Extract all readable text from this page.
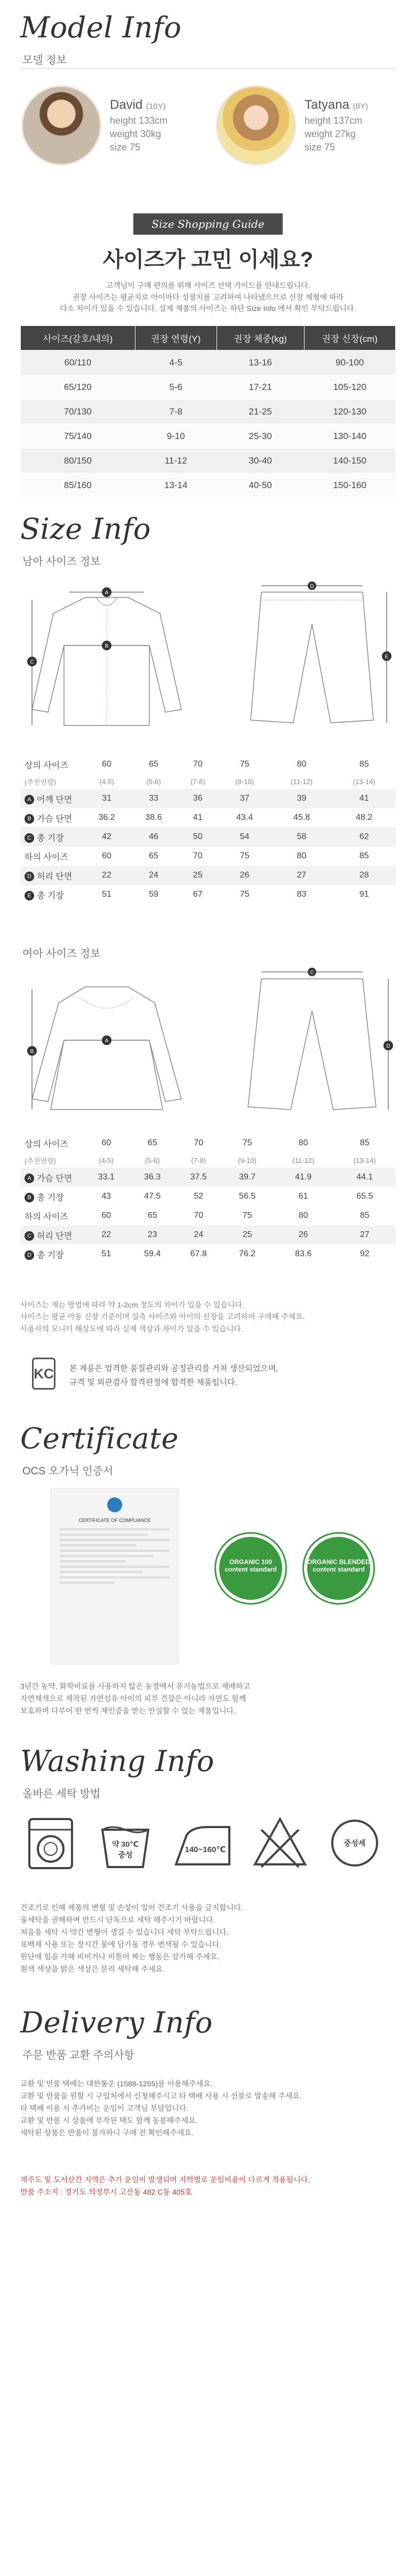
Model Info
모델 정보
David (10Y)
height 133cm
weight 30kg
size 75
Tatyana (8Y)
height 137cm
weight 27kg
size 75
Size Shopping Guide
사이즈가 고민 이세요?
고객님이 구매 편의를 위해 사이즈 선택 가이드를 안내드립니다.
권장 사이즈는 평균치로 아이마다 성장치를 고려하여 나타냈으므로 신장 체형에 따라
다소 차이가 있을 수 있습니다. 실제 제품의 사이즈는 하단 Size Info 에서 확인 부탁드립니다.
사이즈(갈호/내의)	권장 연령(Y)	권장 체중(kg)	권장 신장(cm)
60/110	4-5	13-16	90-100
65/120	5-6	17-21	105-120
70/130	7-8	21-25	120-130
75/140	9-10	25-30	130-140
80/150	11-12	30-40	140-150
85/160	13-14	40-50	150-160
Size Info
남아 사이즈 정보
A
B
C
D
E
상의 사이즈	60	65	70	75	80	85
(추천연령)	(4-5)	(5-6)	(7-8)	(9-10)	(11-12)	(13-14)
A 어깨 단면	31	33	36	37	39	41
B 가슴 단면	36.2	38.6	41	43.4	45.8	48.2
C 총 기장	42	46	50	54	58	62
하의 사이즈	60	65	70	75	80	85
D 허리 단면	22	24	25	26	27	28
E 총 기장	51	59	67	75	83	91
여아 사이즈 정보
A
B
C
D
상의 사이즈	60	65	70	75	80	85
(추천연령)	(4-5)	(5-6)	(7-8)	(9-10)	(11-12)	(13-14)
A 가슴 단면	33.1	36.3	37.5	39.7	41.9	44.1
B 총 기장	43	47.5	52	56.5	61	65.5
하의 사이즈	60	65	70	75	80	85
C 허리 단면	22	23	24	25	26	27
D 총 기장	51	59.4	67.8	76.2	83.6	92
사이즈는 재는 방법에 따라 약 1-2cm 정도의 차이가 있을 수 있습니다.
사이즈는 평균 아동 신장 기준이며 실측 사이즈와 아이의 신장을 고려하여 구매해 주세요.
사용자의 모니터 해상도에 따라 실제 색상과 차이가 있을 수 있습니다.
KC 본 제품은 엄격한 품질관리와 공정관리를 거쳐 생산되었으며,
규격 및 외관검사 합격판정에 합격한 제품입니다.
Certificate
OCS 오가닉 인증서
CERTIFICATE OF COMPLIANCE
ORGANIC 100 content standard
ORGANIC BLENDED content standard
3년간 농약, 화학비료를 사용하지 않은 농장에서 유기농법으로 재배하고
자연채색으로 제작된 자연섬유 아이의 피부 건강은 아니라 자연도 함께
보호하며 다루어 한 번씩 재인증을 받는 안심할 수 있는 제품입니다.
Washing Info
올바른 세탁 방법
약 30℃
중성
140~160℃
중성세
건조기로 인해 제품의 변형 및 손상이 일어 건조기 사용을 금지합니다.
울세탁을 권해하며 반드시 단독으로 세탁 해주시기 바랍니다.
처음을 세탁 시 약간 변형이 생길 수 있습니다 세탁 부탁드립니다.
표백제 사용 또는 장시간 물에 담가둘 경우 변색될 수 있습니다.
원단에 힘을 가해 비비거나 비틀어 짜는 행동은 삼가해 주세요.
흰색 색상을 밝은 색상은 분리 세탁해 주세요.
Delivery Info
주문 반품 교환 주의사항
교환 및 반품 택배는 대한통운 (1588-1255)를 이용해주세요.
교환 및 반품을 원할 시 구입처에서 신청해주시고 타 택배 사용 시 선불로 발송해 주세요.
타 택배 이용 시 추가비는 운임이 고객님 부담입니다.
교환 및 반품 시 상품에 부착된 택도 함께 동봉해주세요.
세탁된 상품은 반품이 불가하니 구매 전 확인해주세요.
제주도 및 도서산간 지역은 추가 운임이 발생되며 지역별로 운임비용이 다르게 적용됩니다.
반품 주소지 : 경기도 의정부시 고산동 482 C동 405호
